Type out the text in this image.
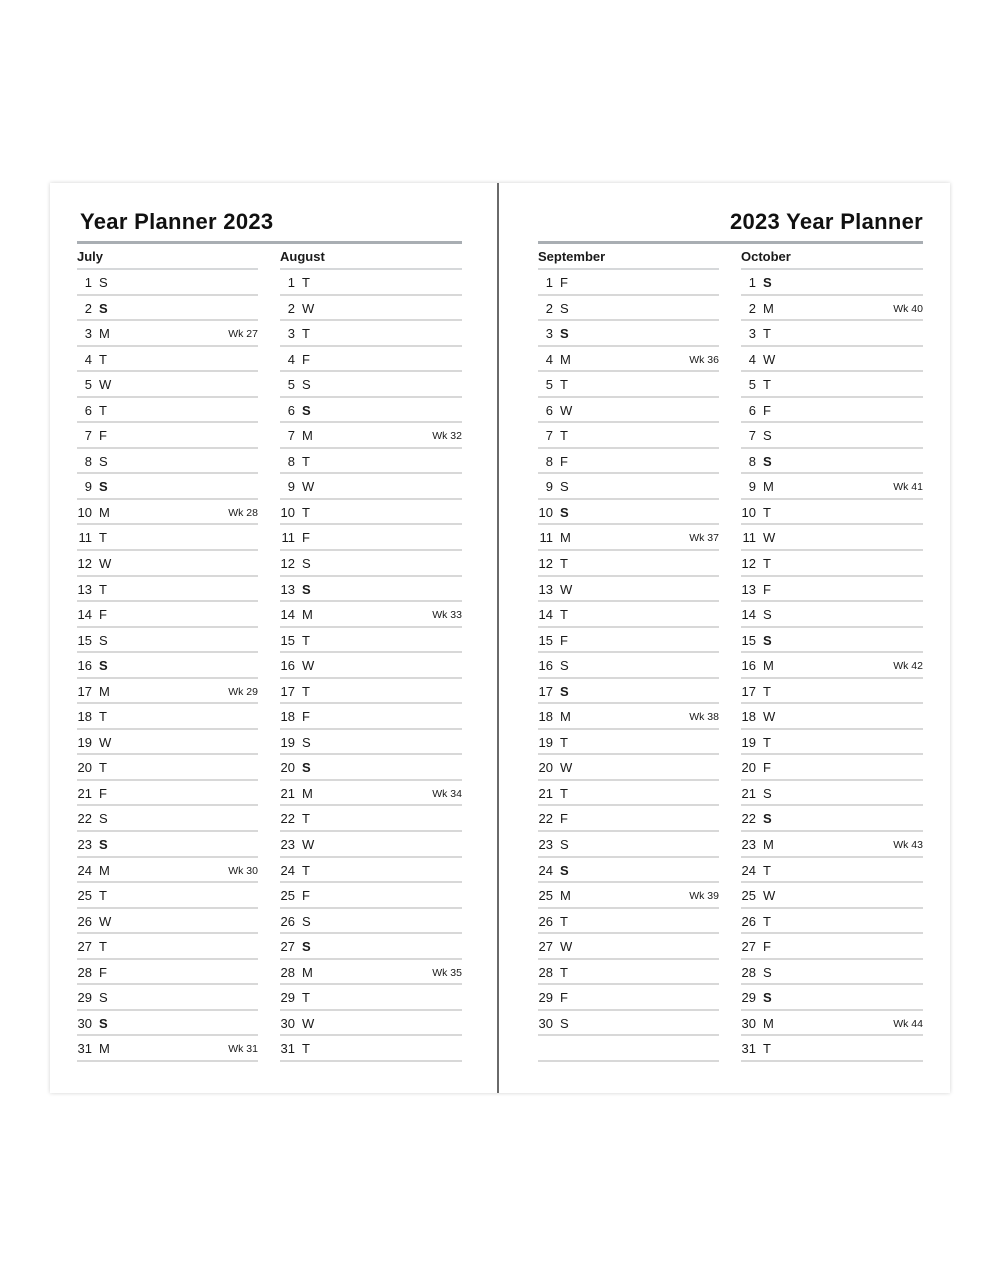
Year Planner 2023
July
1 S
2 S
3 M	Wk 27
4 T
5 W
6 T
7 F
8 S
9 S
10 M	Wk 28
11 T
12 W
13 T
14 F
15 S
16 S
17 M	Wk 29
18 T
19 W
20 T
21 F
22 S
23 S
24 M	Wk 30
25 T
26 W
27 T
28 F
29 S
30 S
31 M	Wk 31
August
1 T
2 W
3 T
4 F
5 S
6 S
7 M	Wk 32
8 T
9 W
10 T
11 F
12 S
13 S
14 M	Wk 33
15 T
16 W
17 T
18 F
19 S
20 S
21 M	Wk 34
22 T
23 W
24 T
25 F
26 S
27 S
28 M	Wk 35
29 T
30 W
31 T
2023 Year Planner
September
1 F
2 S
3 S
4 M	Wk 36
5 T
6 W
7 T
8 F
9 S
10 S
11 M	Wk 37
12 T
13 W
14 T
15 F
16 S
17 S
18 M	Wk 38
19 T
20 W
21 T
22 F
23 S
24 S
25 M	Wk 39
26 T
27 W
28 T
29 F
30 S
October
1 S
2 M	Wk 40
3 T
4 W
5 T
6 F
7 S
8 S
9 M	Wk 41
10 T
11 W
12 T
13 F
14 S
15 S
16 M	Wk 42
17 T
18 W
19 T
20 F
21 S
22 S
23 M	Wk 43
24 T
25 W
26 T
27 F
28 S
29 S
30 M	Wk 44
31 T
